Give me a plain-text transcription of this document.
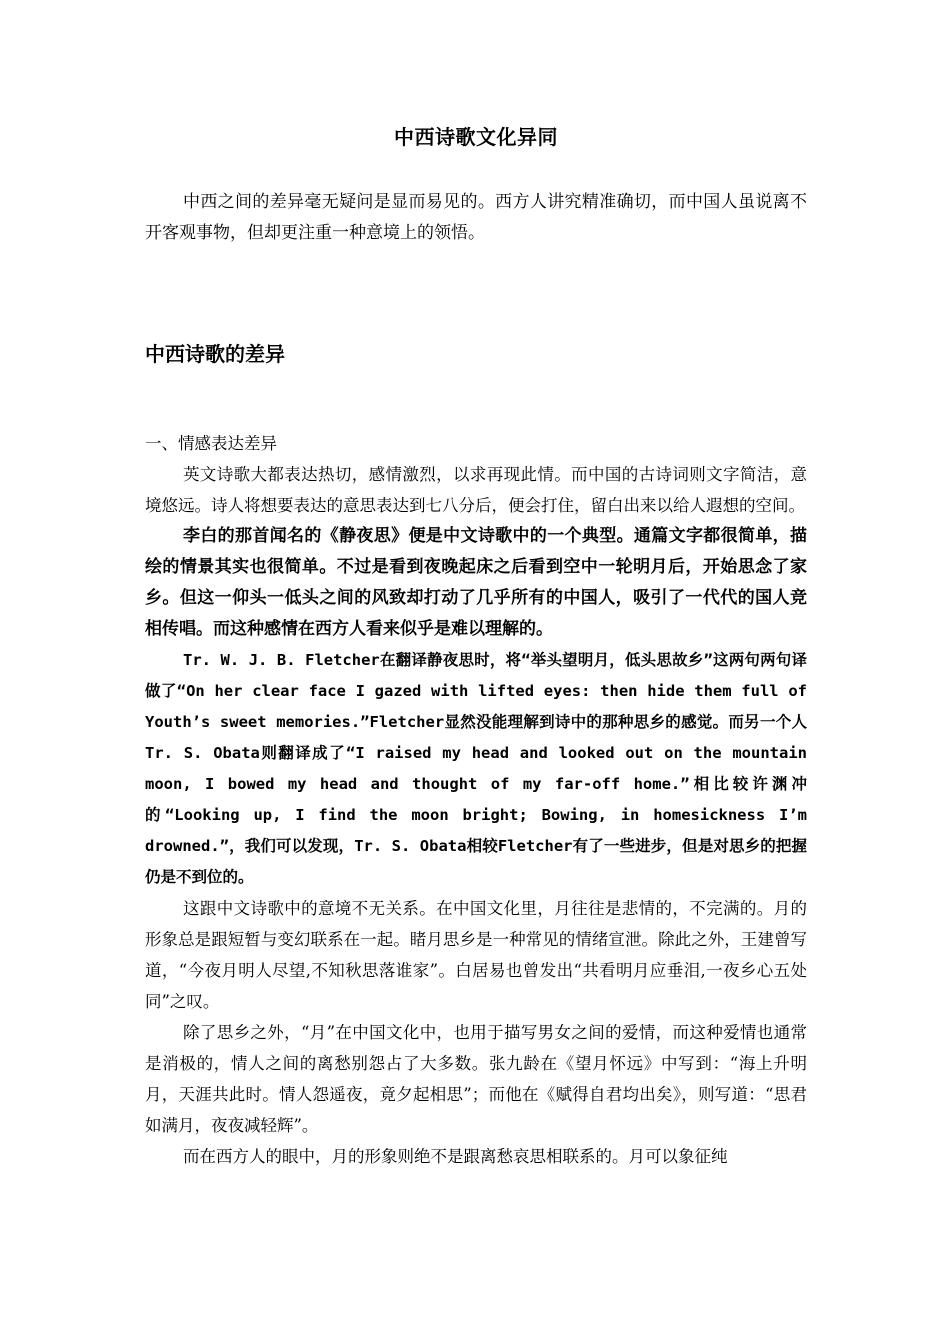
中西诗歌文化异同

中西之间的差异毫无疑问是显而易见的。西方人讲究精准确切，而中国人虽说离不开客观事物，但却更注重一种意境上的领悟。

中西诗歌的差异

一、情感表达差异

英文诗歌大都表达热切，感情激烈，以求再现此情。而中国的古诗词则文字简洁，意境悠远。诗人将想要表达的意思表达到七八分后，便会打住，留白出来以给人遐想的空间。

李白的那首闻名的《静夜思》便是中文诗歌中的一个典型。通篇文字都很简单，描绘的情景其实也很简单。不过是看到夜晚起床之后看到空中一轮明月后，开始思念了家乡。但这一仰头一低头之间的风致却打动了几乎所有的中国人，吸引了一代代的国人竞相传唱。而这种感情在西方人看来似乎是难以理解的。

Tr. W. J. B. Fletcher在翻译静夜思时，将“举头望明月，低头思故乡”这两句两句译做了“On her clear face I gazed with lifted eyes: then hide them full of Youth’s sweet memories.”Fletcher显然没能理解到诗中的那种思乡的感觉。而另一个人Tr. S. Obata则翻译成了“I raised my head and looked out on the mountain moon, I bowed my head and thought of my far-off home.”相比较许渊冲的“Looking up, I find the moon bright; Bowing, in homesickness I’m drowned.”，我们可以发现，Tr. S. Obata相较Fletcher有了一些进步，但是对思乡的把握仍是不到位的。

这跟中文诗歌中的意境不无关系。在中国文化里，月往往是悲情的，不完满的。月的形象总是跟短暂与变幻联系在一起。睹月思乡是一种常见的情绪宣泄。除此之外，王建曾写道，“今夜月明人尽望,不知秋思落谁家”。白居易也曾发出“共看明月应垂泪,一夜乡心五处同”之叹。

除了思乡之外，“月”在中国文化中，也用于描写男女之间的爱情，而这种爱情也通常是消极的，情人之间的离愁别怨占了大多数。张九龄在《望月怀远》中写到：“海上升明月，天涯共此时。情人怨遥夜，竟夕起相思”；而他在《赋得自君均出矣》，则写道：“思君如满月，夜夜减轻辉”。

而在西方人的眼中，月的形象则绝不是跟离愁哀思相联系的。月可以象征纯
